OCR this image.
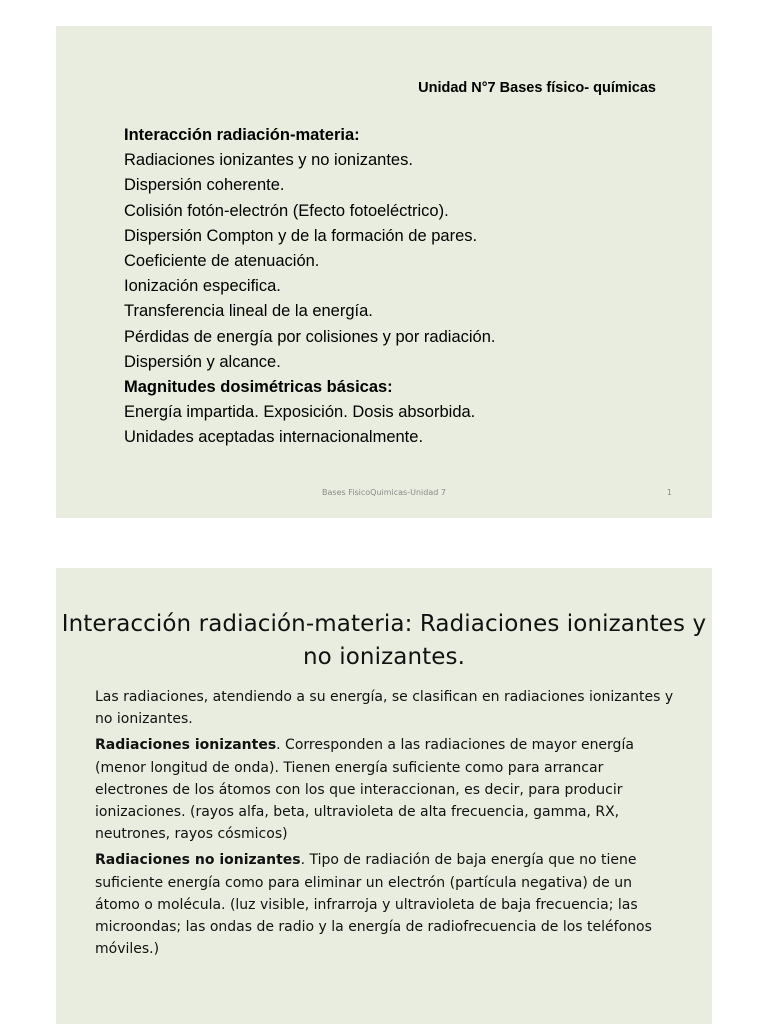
Unidad N°7 Bases físico- químicas
Interacción radiación-materia:
Radiaciones ionizantes y no ionizantes.
Dispersión coherente.
Colisión fotón-electrón (Efecto fotoeléctrico).
Dispersión Compton y de la formación de pares.
Coeficiente de atenuación.
Ionización especifica.
Transferencia lineal de la energía.
Pérdidas de energía por colisiones y por radiación.
Dispersión y alcance.
Magnitudes dosimétricas básicas:
Energía impartida. Exposición. Dosis absorbida.
Unidades aceptadas internacionalmente.
Bases FisicoQuimicas-Unidad 7	1
Interacción radiación-materia: Radiaciones ionizantes y no ionizantes.

Las radiaciones, atendiendo a su energía, se clasifican en radiaciones ionizantes y no ionizantes.

Radiaciones ionizantes. Corresponden a las radiaciones de mayor energía (menor longitud de onda). Tienen energía suficiente como para arrancar electrones de los átomos con los que interaccionan, es decir, para producir ionizaciones. (rayos alfa, beta, ultravioleta de alta frecuencia, gamma, RX, neutrones, rayos cósmicos)

Radiaciones no ionizantes. Tipo de radiación de baja energía que no tiene suficiente energía como para eliminar un electrón (partícula negativa) de un átomo o molécula. (luz visible, infrarroja y ultravioleta de baja frecuencia; las microondas; las ondas de radio y la energía de radiofrecuencia de los teléfonos móviles.)
